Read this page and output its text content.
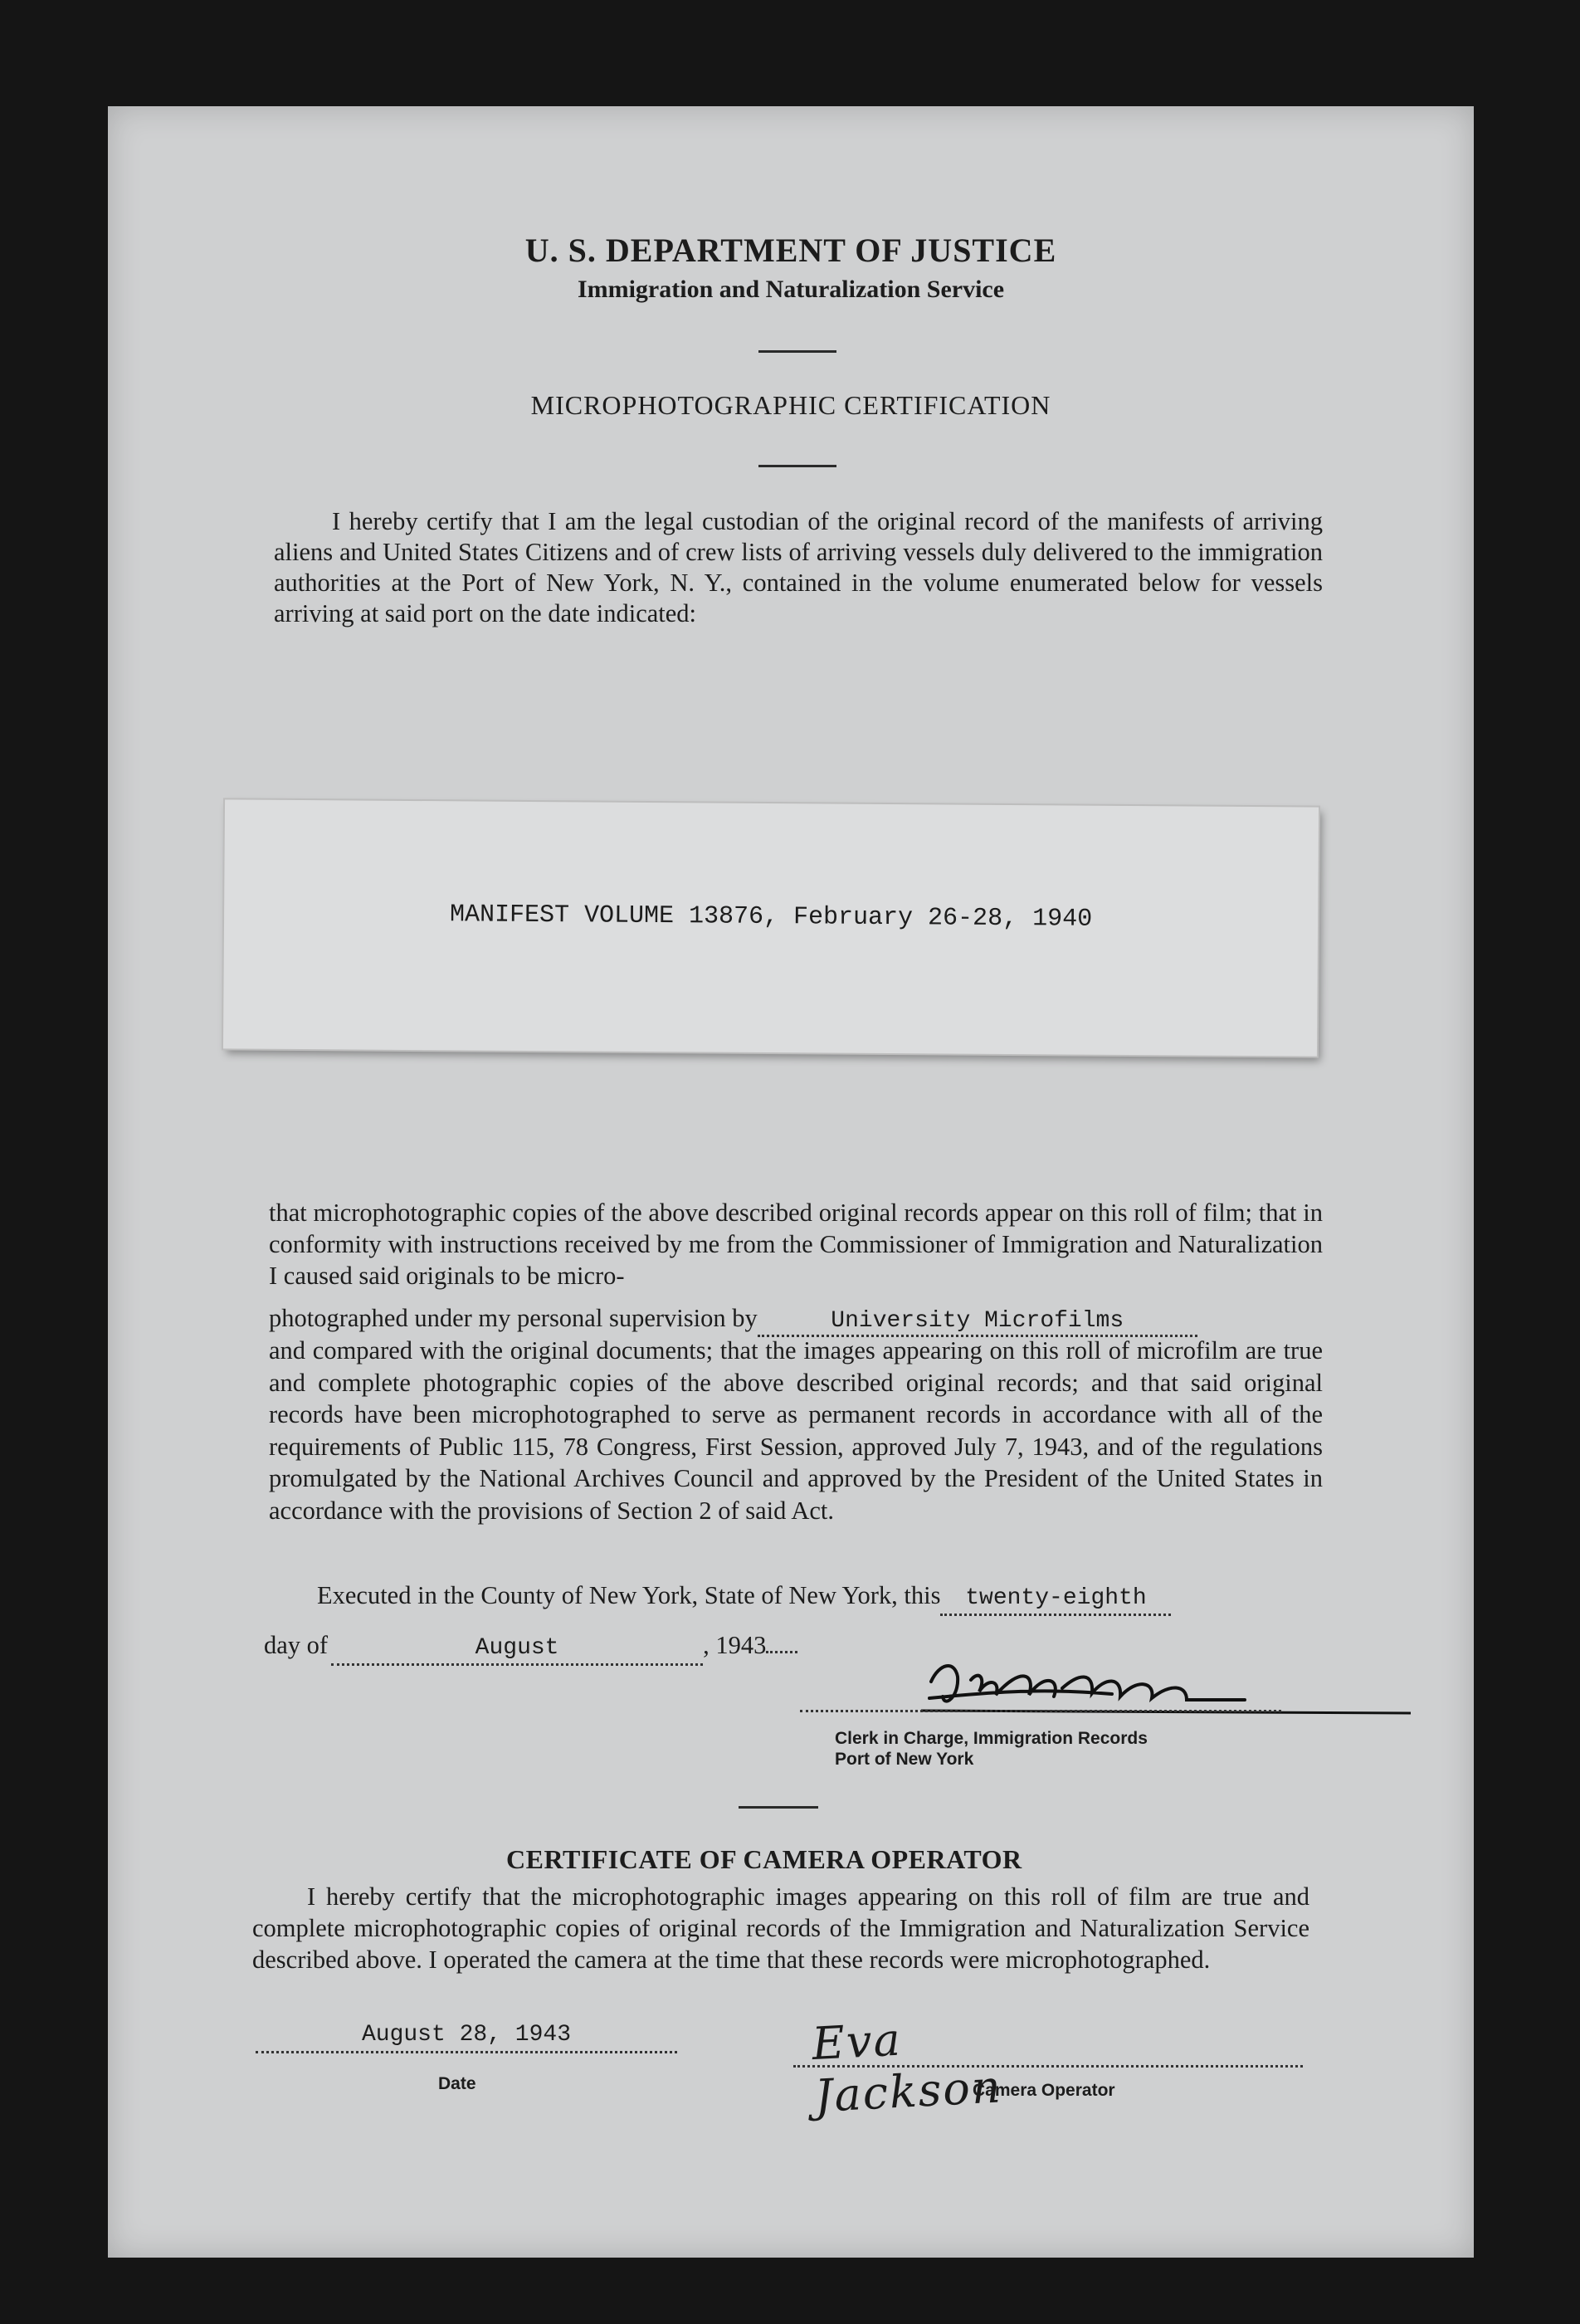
U. S. DEPARTMENT OF JUSTICE
Immigration and Naturalization Service
MICROPHOTOGRAPHIC CERTIFICATION
I hereby certify that I am the legal custodian of the original record of the manifests of arriving aliens and United States Citizens and of crew lists of arriving vessels duly delivered to the immigration authorities at the Port of New York, N. Y., contained in the volume enumerated below for vessels arriving at said port on the date indicated:
MANIFEST VOLUME 13876, February 26-28, 1940
that microphotographic copies of the above described original records appear on this roll of film; that in conformity with instructions received by me from the Commissioner of Immigration and Naturalization I caused said originals to be micro-
photographed under my personal supervision by	University Microfilms
and compared with the original documents; that the images appearing on this roll of microfilm are true and complete photographic copies of the above described original records; and that said original records have been microphotographed to serve as permanent records in accordance with all of the requirements of Public 115, 78 Congress, First Session, approved July 7, 1943, and of the regulations promulgated by the National Archives Council and approved by the President of the United States in accordance with the provisions of Section 2 of said Act.
Executed in the County of New York, State of New York, this twenty-eighth
day of	August	, 1943
Clerk in Charge, Immigration Records
Port of New York
CERTIFICATE OF CAMERA OPERATOR
I hereby certify that the microphotographic images appearing on this roll of film are true and complete microphotographic copies of original records of the Immigration and Naturalization Service described above. I operated the camera at the time that these records were microphotographed.
August 28, 1943
Date
Eva Jackson
Camera Operator
